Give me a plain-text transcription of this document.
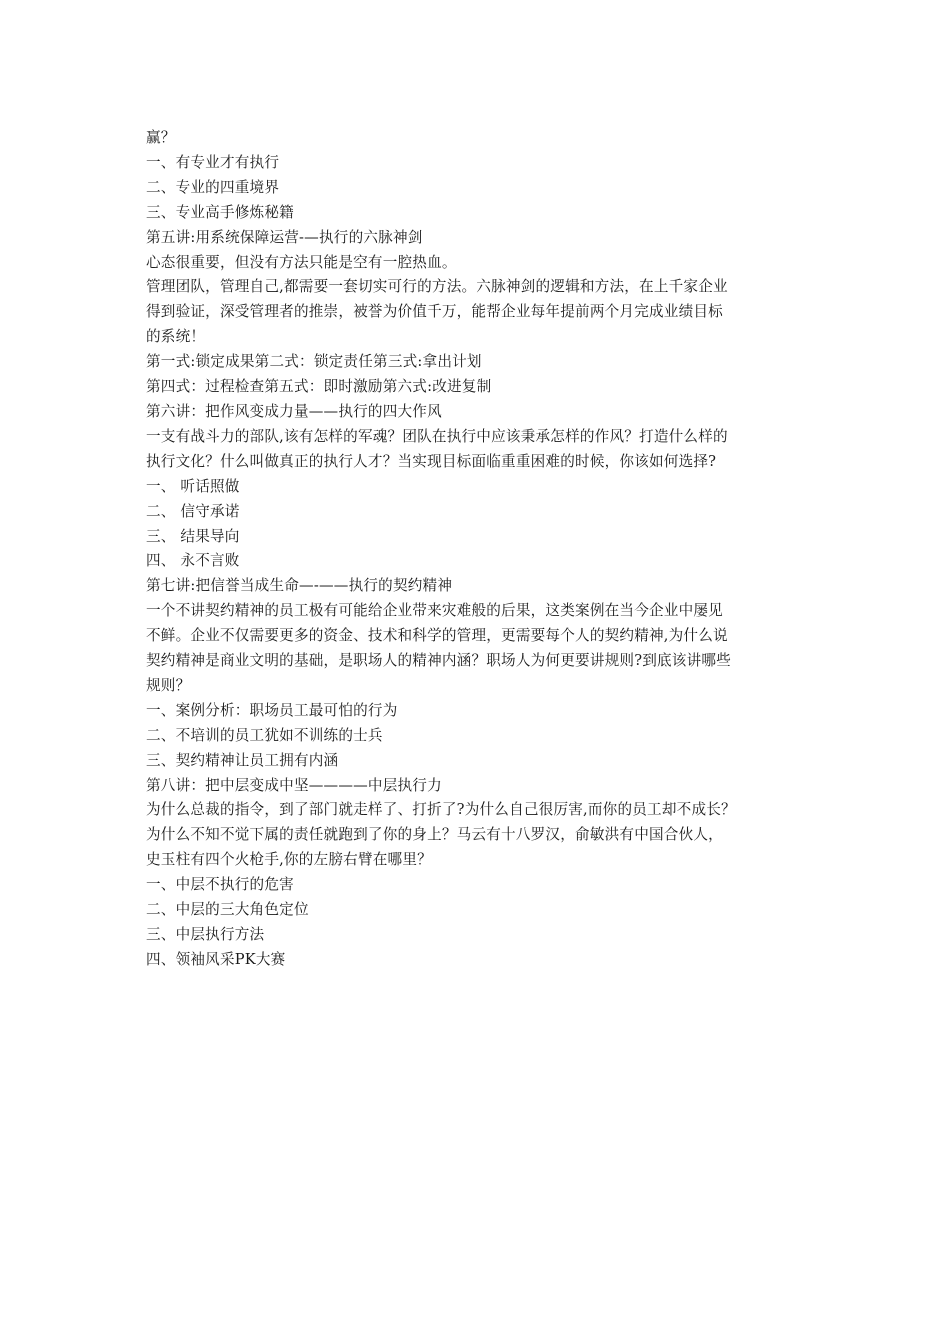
赢？
一、有专业才有执行
二、专业的四重境界
三、专业高手修炼秘籍
第五讲:用系统保障运营-—执行的六脉神剑
心态很重要，但没有方法只能是空有一腔热血。
管理团队，管理自己,都需要一套切实可行的方法。六脉神剑的逻辑和方法，在上千家企业
得到验证，深受管理者的推崇，被誉为价值千万，能帮企业每年提前两个月完成业绩目标
的系统！
第一式:锁定成果第二式：锁定责任第三式:拿出计划
第四式：过程检查第五式：即时激励第六式:改进复制
第六讲：把作风变成力量——执行的四大作风
一支有战斗力的部队,该有怎样的军魂？团队在执行中应该秉承怎样的作风？打造什么样的
执行文化？什么叫做真正的执行人才？当实现目标面临重重困难的时候，你该如何选择?
一、 听话照做
二、 信守承诺
三、 结果导向
四、 永不言败
第七讲:把信誉当成生命—-——执行的契约精神
一个不讲契约精神的员工极有可能给企业带来灾难般的后果，这类案例在当今企业中屡见
不鲜。企业不仅需要更多的资金、技术和科学的管理，更需要每个人的契约精神,为什么说
契约精神是商业文明的基础，是职场人的精神内涵？职场人为何更要讲规则?到底该讲哪些
规则？
一、案例分析：职场员工最可怕的行为
二、不培训的员工犹如不训练的士兵
三、契约精神让员工拥有内涵
第八讲：把中层变成中坚————中层执行力
为什么总裁的指令，到了部门就走样了、打折了?为什么自己很厉害,而你的员工却不成长？
为什么不知不觉下属的责任就跑到了你的身上？马云有十八罗汉，俞敏洪有中国合伙人，
史玉柱有四个火枪手,你的左膀右臂在哪里？
一、中层不执行的危害
二、中层的三大角色定位
三、中层执行方法
四、领袖风采PK大赛
